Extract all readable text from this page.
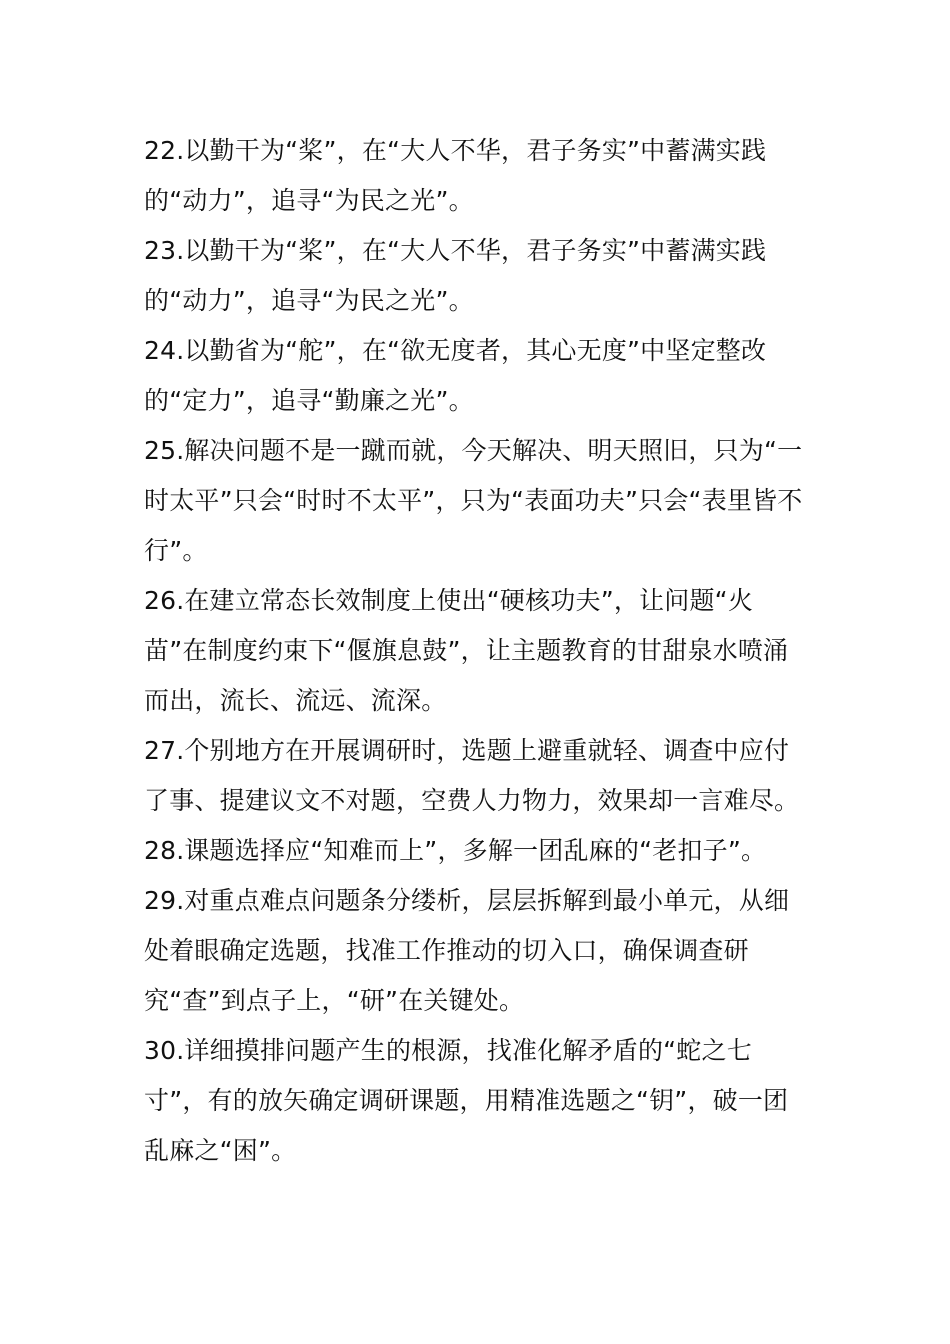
22.以勤干为“桨”，在“大人不华，君子务实”中蓄满实践的“动力”，追寻“为民之光”。

23.以勤干为“桨”，在“大人不华，君子务实”中蓄满实践的“动力”，追寻“为民之光”。

24.以勤省为“舵”，在“欲无度者，其心无度”中坚定整改的“定力”，追寻“勤廉之光”。

25.解决问题不是一蹴而就，今天解决、明天照旧，只为“一时太平”只会“时时不太平”，只为“表面功夫”只会“表里皆不行”。

26.在建立常态长效制度上使出“硬核功夫”，让问题“火苗”在制度约束下“偃旗息鼓”，让主题教育的甘甜泉水喷涌而出，流长、流远、流深。

27.个别地方在开展调研时，选题上避重就轻、调查中应付了事、提建议文不对题，空费人力物力，效果却一言难尽。

28.课题选择应“知难而上”，多解一团乱麻的“老扣子”。

29.对重点难点问题条分缕析，层层拆解到最小单元，从细处着眼确定选题，找准工作推动的切入口，确保调查研究“查”到点子上，“研”在关键处。

30.详细摸排问题产生的根源，找准化解矛盾的“蛇之七寸”，有的放矢确定调研课题，用精准选题之“钥”，破一团乱麻之“困”。
